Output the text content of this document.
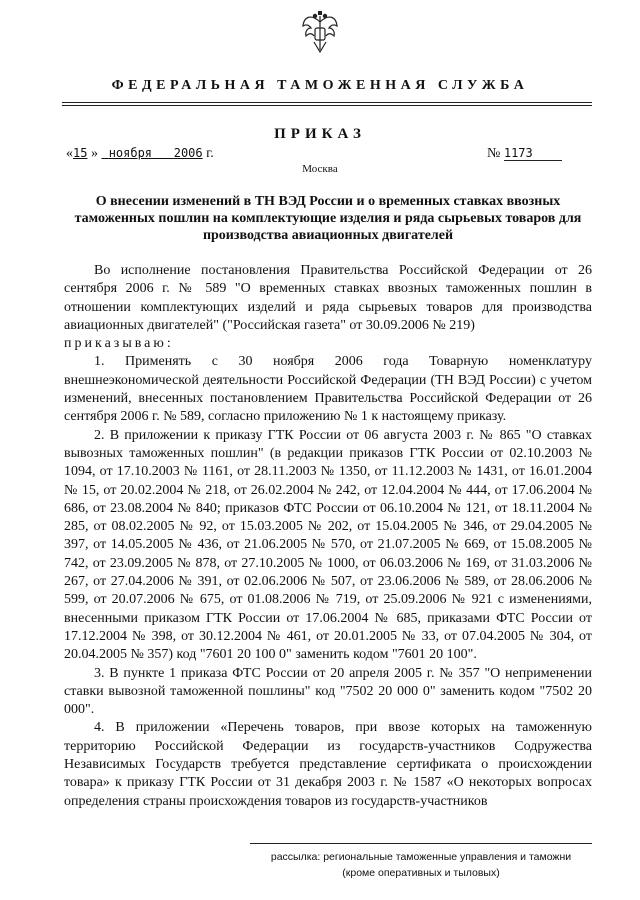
ФЕДЕРАЛЬНАЯ ТАМОЖЕННАЯ СЛУЖБА
ПРИКАЗ
«15 » ноября 2006 г.	№ 1173
Москва
О внесении изменений в ТН ВЭД России и о временных ставках ввозных таможенных пошлин на комплектующие изделия и ряда сырьевых товаров для производства авиационных двигателей

Во исполнение постановления Правительства Российской Федерации от 26 сентября 2006 г. № 589 "О временных ставках ввозных таможенных пошлин в отношении комплектующих изделий и ряда сырьевых товаров для производства авиационных двигателей" ("Российская газета" от 30.09.2006 № 219)

приказываю:

1. Применять с 30 ноября 2006 года Товарную номенклатуру внешнеэкономической деятельности Российской Федерации (ТН ВЭД России) с учетом изменений, внесенных постановлением Правительства Российской Федерации от 26 сентября 2006 г. № 589, согласно приложению № 1 к настоящему приказу.

2. В приложении к приказу ГТК России от 06 августа 2003 г. № 865 "О ставках вывозных таможенных пошлин" (в редакции приказов ГТК России от 02.10.2003 № 1094, от 17.10.2003 № 1161, от 28.11.2003 № 1350, от 11.12.2003 № 1431, от 16.01.2004 № 15, от 20.02.2004 № 218, от 26.02.2004 № 242, от 12.04.2004 № 444, от 17.06.2004 № 686, от 23.08.2004 № 840; приказов ФТС России от 06.10.2004 № 121, от 18.11.2004 № 285, от 08.02.2005 № 92, от 15.03.2005 № 202, от 15.04.2005 № 346, от 29.04.2005 № 397, от 14.05.2005 № 436, от 21.06.2005 № 570, от 21.07.2005 № 669, от 15.08.2005 № 742, от 23.09.2005 № 878, от 27.10.2005 № 1000, от 06.03.2006 № 169, от 31.03.2006 № 267, от 27.04.2006 № 391, от 02.06.2006 № 507, от 23.06.2006 № 589, от 28.06.2006 № 599, от 20.07.2006 № 675, от 01.08.2006 № 719, от 25.09.2006 № 921 с изменениями, внесенными приказом ГТК России от 17.06.2004 № 685, приказами ФТС России от 17.12.2004 № 398, от 30.12.2004 № 461, от 20.01.2005 № 33, от 07.04.2005 № 304, от 20.04.2005 № 357) код "7601 20 100 0" заменить кодом "7601 20 100".

3. В пункте 1 приказа ФТС России от 20 апреля 2005 г. № 357 "О неприменении ставки вывозной таможенной пошлины" код "7502 20 000 0" заменить кодом "7502 20 000".

4. В приложении «Перечень товаров, при ввозе которых на таможенную территорию Российской Федерации из государств-участников Содружества Независимых Государств требуется представление сертификата о происхождении товара» к приказу ГТК России от 31 декабря 2003 г. № 1587 «О некоторых вопросах определения страны происхождения товаров из государств-участников

рассылка: региональные таможенные управления и таможни
(кроме оперативных и тыловых)
